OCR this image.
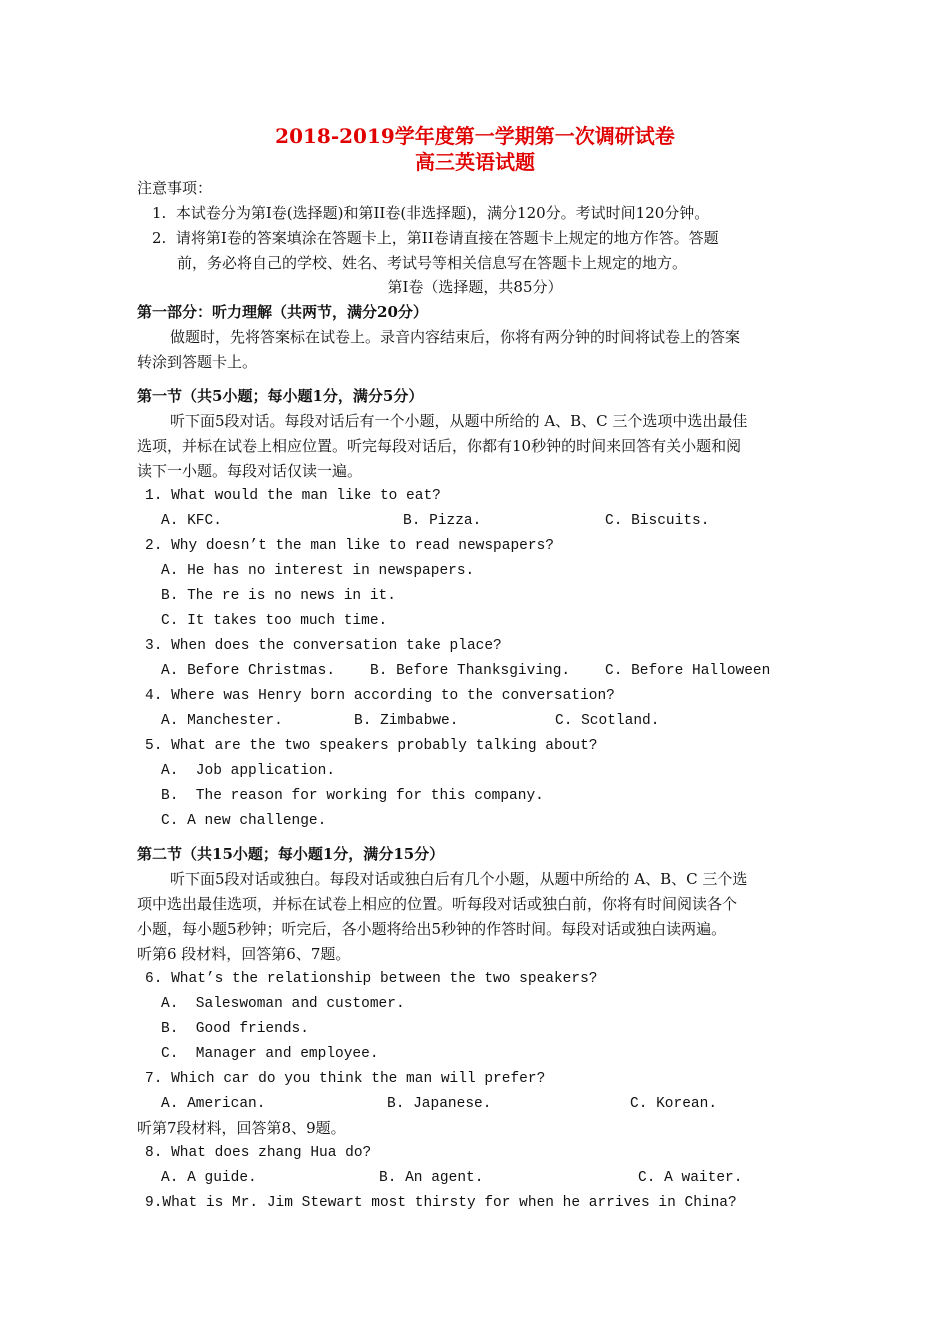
2018-2019学年度第一学期第一次调研试卷
高三英语试题
注意事项：
1.  本试卷分为第Ⅰ卷(选择题)和第II卷(非选择题)，满分120分。考试时间120分钟。
2.  请将第Ⅰ卷的答案填涂在答题卡上，第II卷请直接在答题卡上规定的地方作答。答题
前，务必将自己的学校、姓名、考试号等相关信息写在答题卡上规定的地方。
第Ⅰ卷（选择题，共85分）
第一部分：听力理解（共两节，满分20分）
做题时，先将答案标在试卷上。录音内容结束后，你将有两分钟的时间将试卷上的答案
转涂到答题卡上。
第一节（共5小题；每小题1分，满分5分）
听下面5段对话。每段对话后有一个小题，从题中所给的 A、B、C 三个选项中选出最佳
选项，并标在试卷上相应位置。听完每段对话后，你都有10秒钟的时间来回答有关小题和阅
读下一小题。每段对话仅读一遍。
1. What would the man like to eat?
A. KFC.	B. Pizza.	C. Biscuits.
2. Why doesn’t the man like to read newspapers?
A. He has no interest in newspapers.
B. The re is no news in it.
C. It takes too much time.
3. When does the conversation take place?
A. Before Christmas. B. Before Thanksgiving. C. Before Halloween
4. Where was Henry born according to the conversation?
A. Manchester.	B. Zimbabwe.	C. Scotland.
5. What are the two speakers probably talking about?
A.  Job application.
B.  The reason for working for this company.
C. A new challenge.
第二节（共15小题；每小题1分，满分15分）
听下面5段对话或独白。每段对话或独白后有几个小题，从题中所给的 A、B、C 三个选
项中选出最佳选项，并标在试卷上相应的位置。听每段对话或独白前，你将有时间阅读各个
小题，每小题5秒钟；听完后，各小题将给出5秒钟的作答时间。每段对话或独白读两遍。
听第6 段材料，回答第6、7题。
6. What’s the relationship between the two speakers?
A.  Saleswoman and customer.
B.  Good friends.
C.  Manager and employee.
7. Which car do you think the man will prefer?
A. American.	B. Japanese.	C. Korean.
听第7段材料，回答第8、9题。
8. What does zhang Hua do?
A. A guide.	B. An agent.	C. A waiter.
9.What is Mr. Jim Stewart most thirsty for when he arrives in China?
